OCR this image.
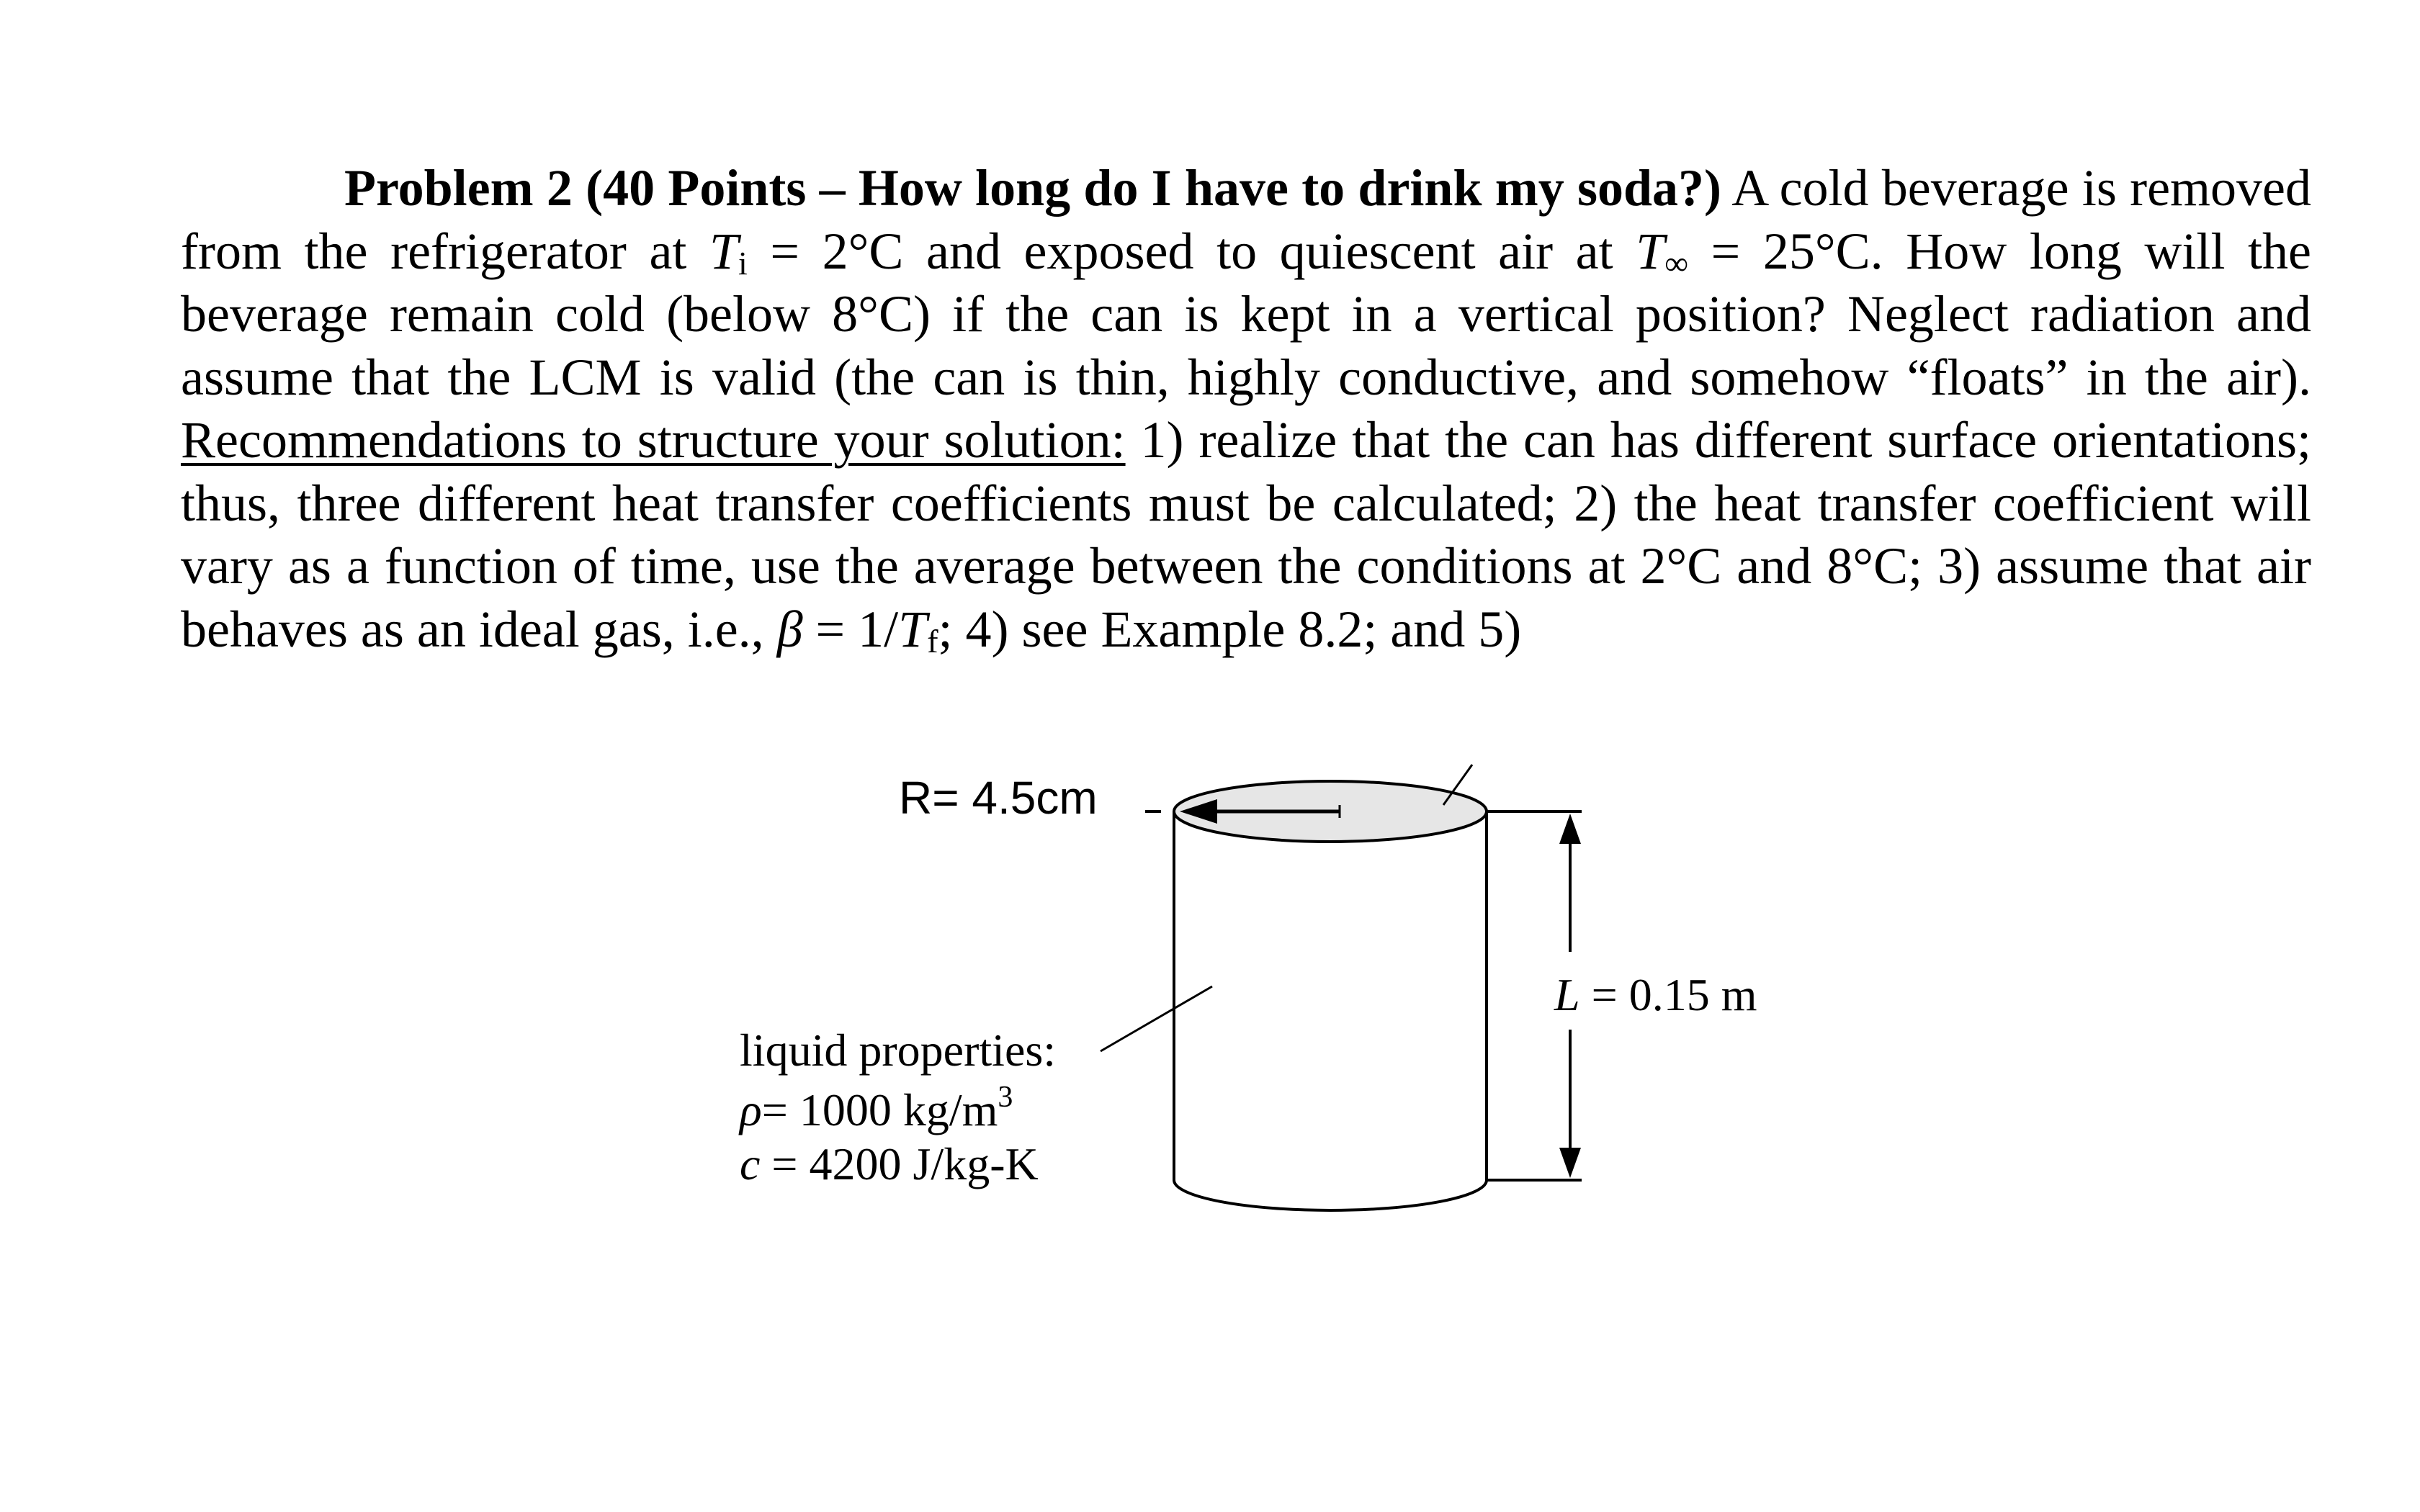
Problem 2 (40 Points – How long do I have to drink my soda?) A cold beverage is removed from the refrigerator at $T_i = 2^\circ C$ and exposed to quiescent air at $T_\infty = 25^\circ C$. How long will the beverage remain cold (below 8°C) if the can is kept in a vertical position? Neglect radiation and assume that the LCM is valid (the can is thin, highly conductive, and somehow “floats” in the air). Recommendations to structure your solution: 1) realize that the can has different surface orientations; thus, three different heat transfer coefficients must be calculated; 2) the heat transfer coefficient will vary as a function of time, use the average between the conditions at 2°C and 8°C; 3) assume that air behaves as an ideal gas, i.e., $\beta = 1/T_f$; 4) see Example 8.2; and 5)

R= 4.5cm
L = 0.15 m
liquid properties:
ρ= 1000 $kg/m^3$
c = 4200 J/kg-K
